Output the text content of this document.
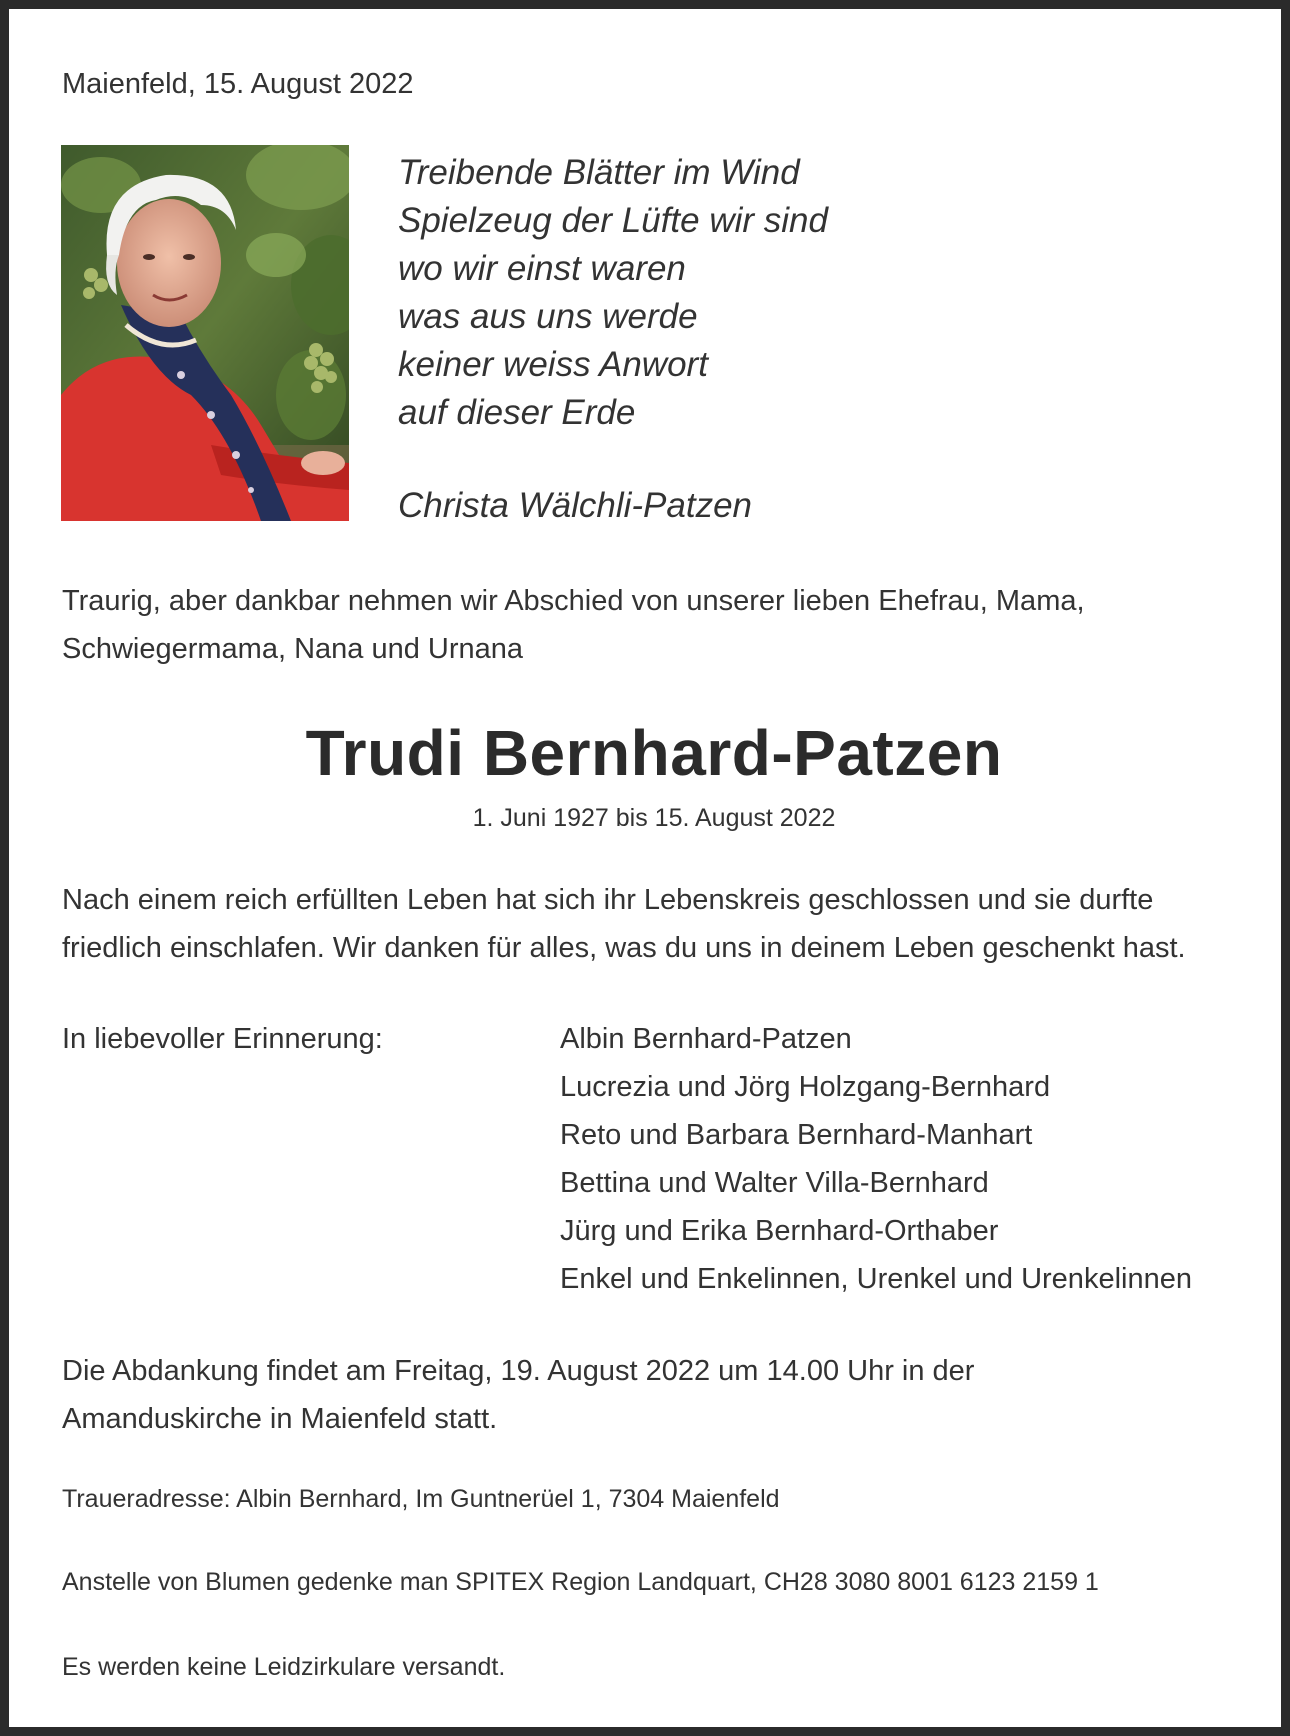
Maienfeld, 15. August 2022
Treibende Blätter im Wind
Spielzeug der Lüfte wir sind
wo wir einst waren
was aus uns werde
keiner weiss Anwort
auf dieser Erde
Christa Wälchli-Patzen
Traurig, aber dankbar nehmen wir Abschied von unserer lieben Ehefrau, Mama,
Schwiegermama, Nana und Urnana
Trudi Bernhard-Patzen
1. Juni 1927 bis 15. August 2022
Nach einem reich erfüllten Leben hat sich ihr Lebenskreis geschlossen und sie durfte
friedlich einschlafen. Wir danken für alles, was du uns in deinem Leben geschenkt hast.
In liebevoller Erinnerung:	Albin Bernhard-Patzen
Lucrezia und Jörg Holzgang-Bernhard
Reto und Barbara Bernhard-Manhart
Bettina und Walter Villa-Bernhard
Jürg und Erika Bernhard-Orthaber
Enkel und Enkelinnen, Urenkel und Urenkelinnen
Die Abdankung findet am Freitag, 19. August 2022 um 14.00 Uhr in der
Amanduskirche in Maienfeld statt.
Traueradresse: Albin Bernhard, Im Guntnerüel 1, 7304 Maienfeld
Anstelle von Blumen gedenke man SPITEX Region Landquart, CH28 3080 8001 6123 2159 1
Es werden keine Leidzirkulare versandt.
